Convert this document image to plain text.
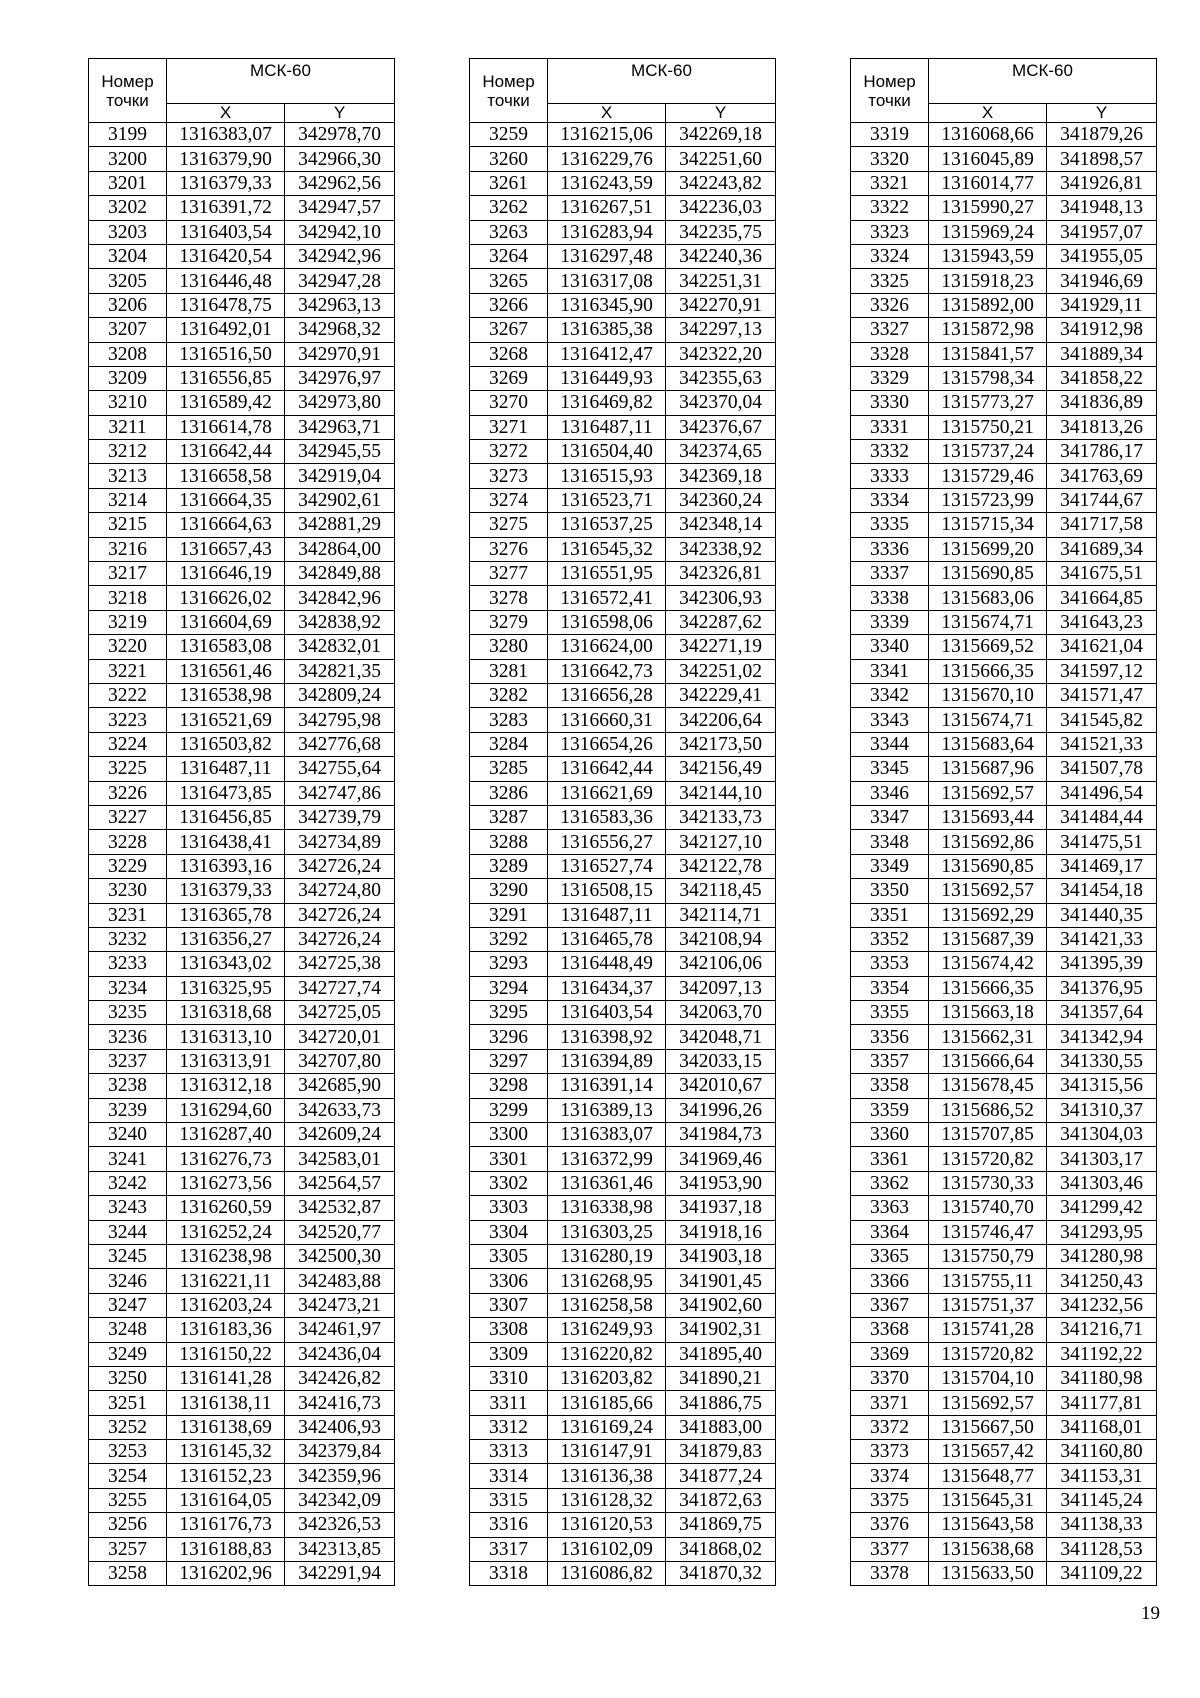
Номер
точки	МСК-60	
	X	Y
3199	1316383,07	342978,70
3200	1316379,90	342966,30
3201	1316379,33	342962,56
3202	1316391,72	342947,57
3203	1316403,54	342942,10
3204	1316420,54	342942,96
3205	1316446,48	342947,28
3206	1316478,75	342963,13
3207	1316492,01	342968,32
3208	1316516,50	342970,91
3209	1316556,85	342976,97
3210	1316589,42	342973,80
3211	1316614,78	342963,71
3212	1316642,44	342945,55
3213	1316658,58	342919,04
3214	1316664,35	342902,61
3215	1316664,63	342881,29
3216	1316657,43	342864,00
3217	1316646,19	342849,88
3218	1316626,02	342842,96
3219	1316604,69	342838,92
3220	1316583,08	342832,01
3221	1316561,46	342821,35
3222	1316538,98	342809,24
3223	1316521,69	342795,98
3224	1316503,82	342776,68
3225	1316487,11	342755,64
3226	1316473,85	342747,86
3227	1316456,85	342739,79
3228	1316438,41	342734,89
3229	1316393,16	342726,24
3230	1316379,33	342724,80
3231	1316365,78	342726,24
3232	1316356,27	342726,24
3233	1316343,02	342725,38
3234	1316325,95	342727,74
3235	1316318,68	342725,05
3236	1316313,10	342720,01
3237	1316313,91	342707,80
3238	1316312,18	342685,90
3239	1316294,60	342633,73
3240	1316287,40	342609,24
3241	1316276,73	342583,01
3242	1316273,56	342564,57
3243	1316260,59	342532,87
3244	1316252,24	342520,77
3245	1316238,98	342500,30
3246	1316221,11	342483,88
3247	1316203,24	342473,21
3248	1316183,36	342461,97
3249	1316150,22	342436,04
3250	1316141,28	342426,82
3251	1316138,11	342416,73
3252	1316138,69	342406,93
3253	1316145,32	342379,84
3254	1316152,23	342359,96
3255	1316164,05	342342,09
3256	1316176,73	342326,53
3257	1316188,83	342313,85
3258	1316202,96	342291,94
Номер
точки	МСК-60	
	X	Y
3259	1316215,06	342269,18
3260	1316229,76	342251,60
3261	1316243,59	342243,82
3262	1316267,51	342236,03
3263	1316283,94	342235,75
3264	1316297,48	342240,36
3265	1316317,08	342251,31
3266	1316345,90	342270,91
3267	1316385,38	342297,13
3268	1316412,47	342322,20
3269	1316449,93	342355,63
3270	1316469,82	342370,04
3271	1316487,11	342376,67
3272	1316504,40	342374,65
3273	1316515,93	342369,18
3274	1316523,71	342360,24
3275	1316537,25	342348,14
3276	1316545,32	342338,92
3277	1316551,95	342326,81
3278	1316572,41	342306,93
3279	1316598,06	342287,62
3280	1316624,00	342271,19
3281	1316642,73	342251,02
3282	1316656,28	342229,41
3283	1316660,31	342206,64
3284	1316654,26	342173,50
3285	1316642,44	342156,49
3286	1316621,69	342144,10
3287	1316583,36	342133,73
3288	1316556,27	342127,10
3289	1316527,74	342122,78
3290	1316508,15	342118,45
3291	1316487,11	342114,71
3292	1316465,78	342108,94
3293	1316448,49	342106,06
3294	1316434,37	342097,13
3295	1316403,54	342063,70
3296	1316398,92	342048,71
3297	1316394,89	342033,15
3298	1316391,14	342010,67
3299	1316389,13	341996,26
3300	1316383,07	341984,73
3301	1316372,99	341969,46
3302	1316361,46	341953,90
3303	1316338,98	341937,18
3304	1316303,25	341918,16
3305	1316280,19	341903,18
3306	1316268,95	341901,45
3307	1316258,58	341902,60
3308	1316249,93	341902,31
3309	1316220,82	341895,40
3310	1316203,82	341890,21
3311	1316185,66	341886,75
3312	1316169,24	341883,00
3313	1316147,91	341879,83
3314	1316136,38	341877,24
3315	1316128,32	341872,63
3316	1316120,53	341869,75
3317	1316102,09	341868,02
3318	1316086,82	341870,32
Номер
точки	МСК-60	
	X	Y
3319	1316068,66	341879,26
3320	1316045,89	341898,57
3321	1316014,77	341926,81
3322	1315990,27	341948,13
3323	1315969,24	341957,07
3324	1315943,59	341955,05
3325	1315918,23	341946,69
3326	1315892,00	341929,11
3327	1315872,98	341912,98
3328	1315841,57	341889,34
3329	1315798,34	341858,22
3330	1315773,27	341836,89
3331	1315750,21	341813,26
3332	1315737,24	341786,17
3333	1315729,46	341763,69
3334	1315723,99	341744,67
3335	1315715,34	341717,58
3336	1315699,20	341689,34
3337	1315690,85	341675,51
3338	1315683,06	341664,85
3339	1315674,71	341643,23
3340	1315669,52	341621,04
3341	1315666,35	341597,12
3342	1315670,10	341571,47
3343	1315674,71	341545,82
3344	1315683,64	341521,33
3345	1315687,96	341507,78
3346	1315692,57	341496,54
3347	1315693,44	341484,44
3348	1315692,86	341475,51
3349	1315690,85	341469,17
3350	1315692,57	341454,18
3351	1315692,29	341440,35
3352	1315687,39	341421,33
3353	1315674,42	341395,39
3354	1315666,35	341376,95
3355	1315663,18	341357,64
3356	1315662,31	341342,94
3357	1315666,64	341330,55
3358	1315678,45	341315,56
3359	1315686,52	341310,37
3360	1315707,85	341304,03
3361	1315720,82	341303,17
3362	1315730,33	341303,46
3363	1315740,70	341299,42
3364	1315746,47	341293,95
3365	1315750,79	341280,98
3366	1315755,11	341250,43
3367	1315751,37	341232,56
3368	1315741,28	341216,71
3369	1315720,82	341192,22
3370	1315704,10	341180,98
3371	1315692,57	341177,81
3372	1315667,50	341168,01
3373	1315657,42	341160,80
3374	1315648,77	341153,31
3375	1315645,31	341145,24
3376	1315643,58	341138,33
3377	1315638,68	341128,53
3378	1315633,50	341109,22
19
